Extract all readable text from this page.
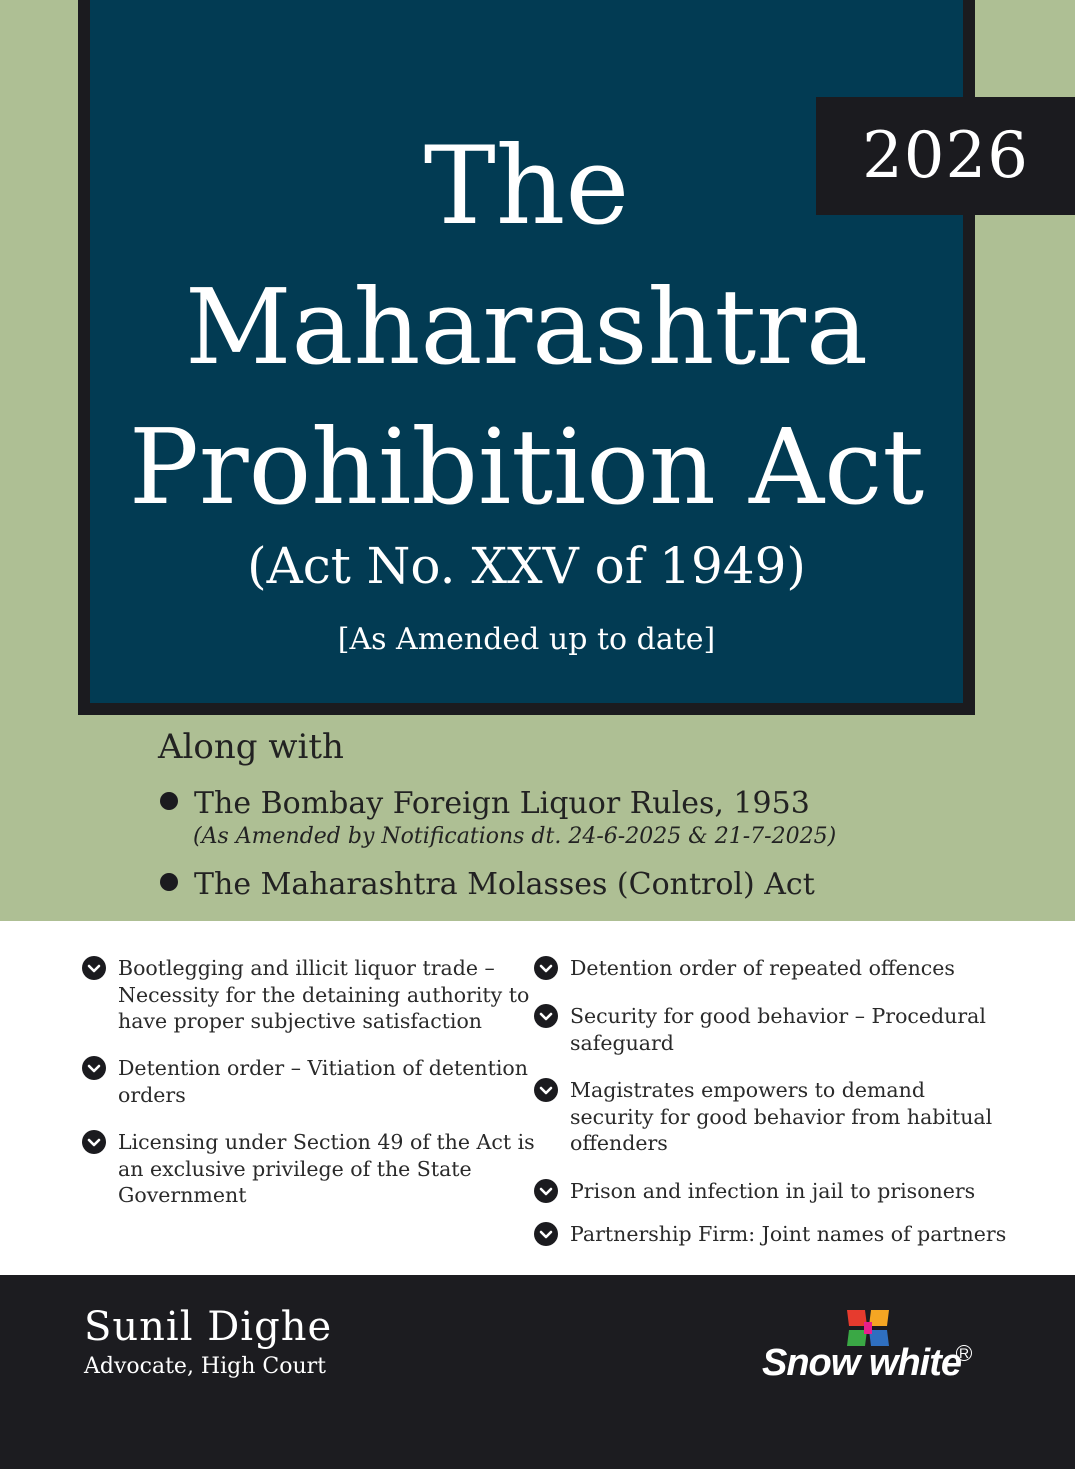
2026
The
Maharashtra
Prohibition Act
(Act No. XXV of 1949)
[As Amended up to date]
Along with
The Bombay Foreign Liquor Rules, 1953
(As Amended by Notifications dt. 24-6-2025 & 21-7-2025)
The Maharashtra Molasses (Control) Act
Bootlegging and illicit liquor trade –
Necessity for the detaining authority to
have proper subjective satisfaction
Detention order – Vitiation of detention
orders
Licensing under Section 49 of the Act is
an exclusive privilege of the State
Government
Detention order of repeated offences
Security for good behavior – Procedural
safeguard
Magistrates empowers to demand
security for good behavior from habitual
offenders
Prison and infection in jail to prisoners
Partnership Firm: Joint names of partners
Sunil Dighe
Advocate, High Court	Snow white
R
